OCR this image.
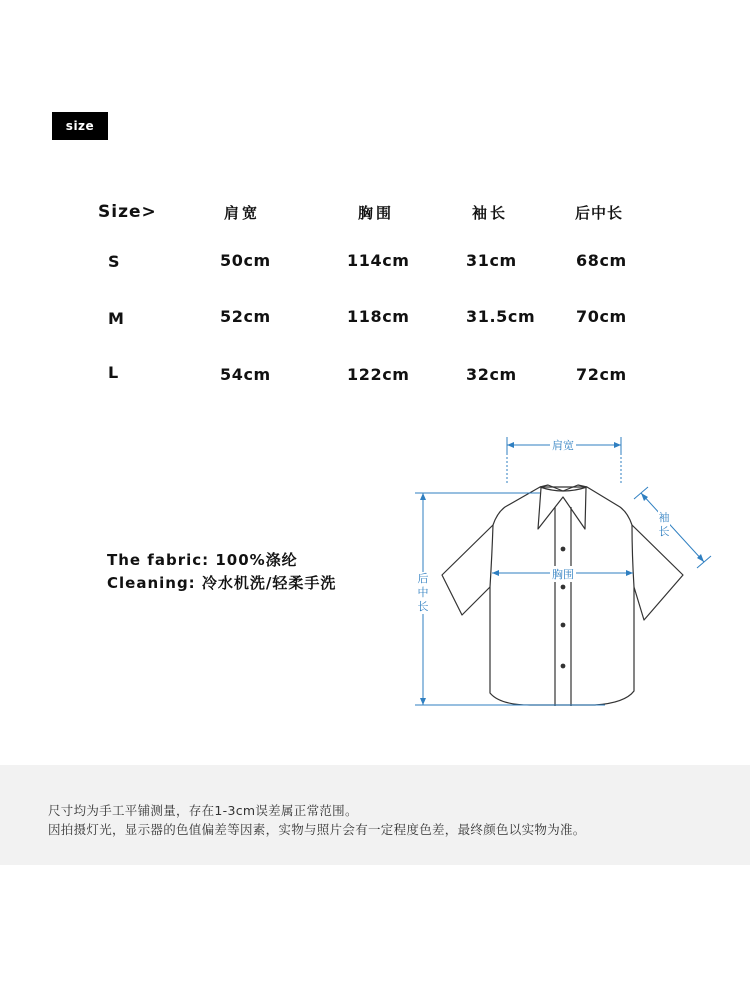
size
Size>	肩宽	胸围	袖长	后中长
S	50cm	114cm	31cm	68cm
M	52cm	118cm	31.5cm	70cm
L	54cm	122cm	32cm	72cm
The fabric: 100%涤纶
Cleaning: 冷水机洗/轻柔手洗
肩宽
胸围
袖长
后中长
尺寸均为手工平铺测量，存在1-3cm误差属正常范围。
因拍摄灯光，显示器的色值偏差等因素，实物与照片会有一定程度色差，最终颜色以实物为准。
